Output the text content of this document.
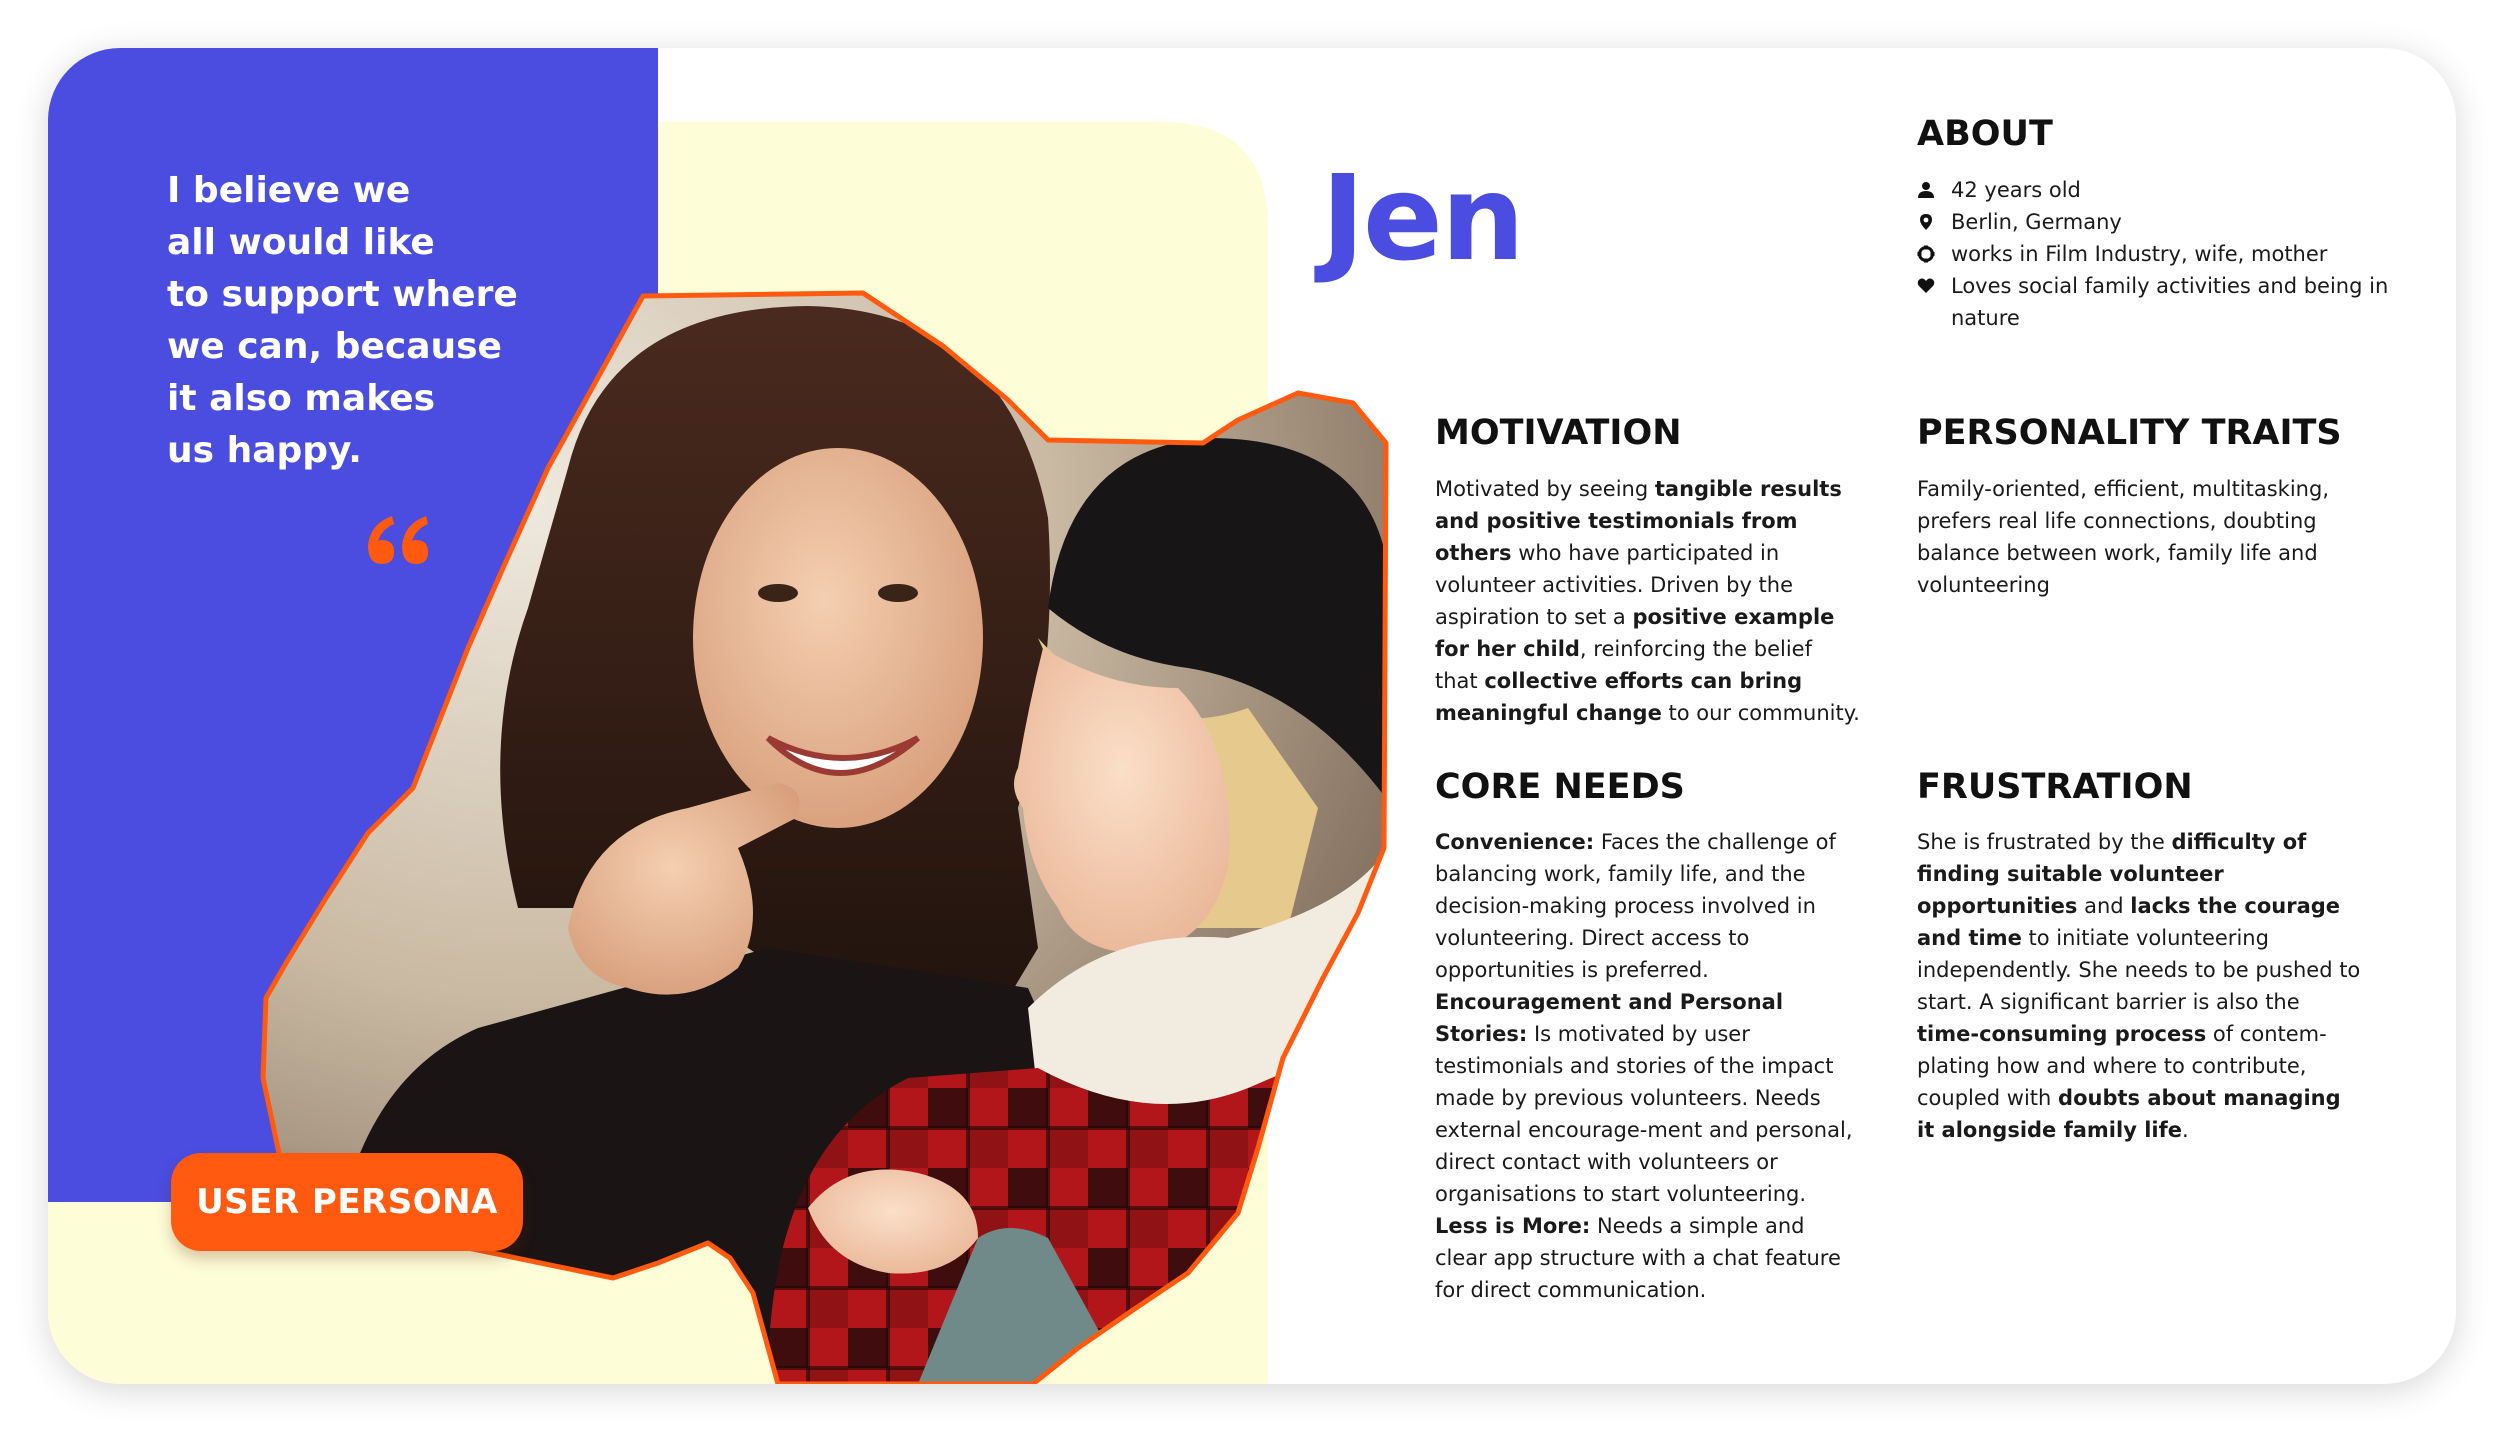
I believe we
all would like
to support where
we can, because
it also makes
us happy.

USER PERSONA
Jen
ABOUT
42 years old
Berlin, Germany
works in Film Industry, wife, mother
Loves social family activities and being in nature
MOTIVATION

Motivated by seeing tangible results and positive testimonials from others who have participated in volunteer activities. Driven by the aspiration to set a positive example for her child, reinforcing the belief that collective efforts can bring meaningful change to our community.

PERSONALITY TRAITS

Family-oriented, efficient, multitasking, prefers real life connections, doubting balance between work, family life and volunteering

CORE NEEDS

Convenience: Faces the challenge of balancing work, family life, and the decision-making process involved in volunteering. Direct access to opportunities is preferred.
Encouragement and Personal Stories: Is motivated by user testimonials and stories of the impact made by previous volunteers. Needs external encourage-ment and personal, direct contact with volunteers or organisations to start volunteering.
Less is More: Needs a simple and clear app structure with a chat feature for direct communication.

FRUSTRATION

She is frustrated by the difficulty of finding suitable volunteer opportunities and lacks the courage and time to initiate volunteering independently. She needs to be pushed to start. A significant barrier is also the time-consuming process of contem-plating how and where to contribute, coupled with doubts about managing it alongside family life.
